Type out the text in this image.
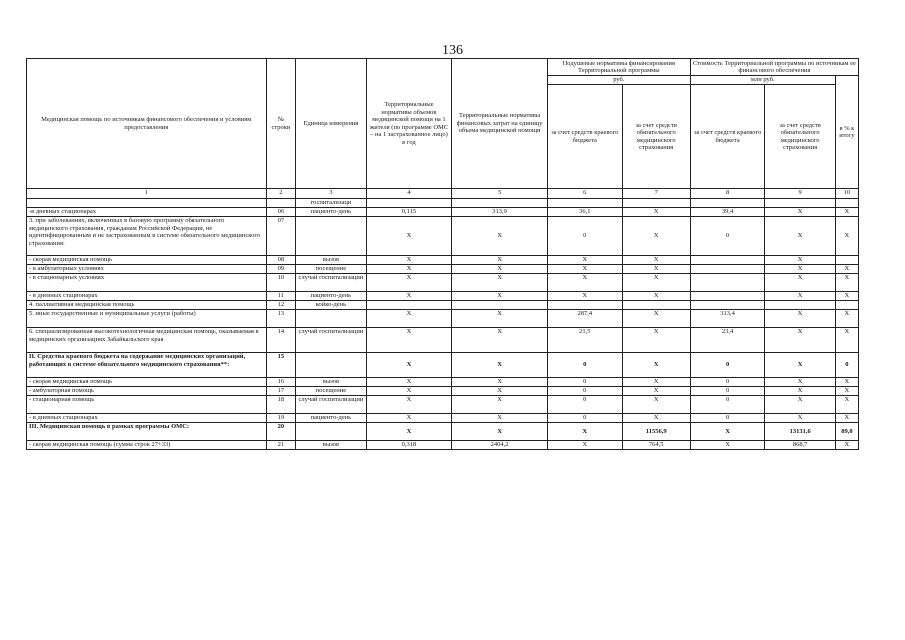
136
Медицинская помощь по источникам финансового обеспечения и условиям предоставления	№ строки	Единица измерения	Территориальные нормативы объемов медицинской помощи на 1 жителя (по программе ОМС – на 1 застрахованное лицо) в год	Территориальные нормативы финансовых затрат на единицу объема медицинской помощи	Подушевые нормативы финансирования Территориальной программы		Стоимость Территориальной программы по источникам ее финансового обеспечения		
					руб.		млн руб.		в % к итогу
					за счет средств краевого бюджета	за счет средств обязательного медицинского страхования	за счет средств краевого бюджета	за счет средств обязательного медицинского страхования	
1	2	3	4	5	6	7	8	9	10
		госпитализаци							
-в дневных стационарах	06	пациенто-день	0,115	313,9	36,1	Х	39,4	Х	Х
3. при заболеваниях, включенных в базовую программу обязательного медицинского страхования, гражданам Российской Федерации, не идентифицированным и не застрахованным в системе обязательного медицинского страхования:	07		Х	Х	0	Х	0	Х	Х
- скорая медицинская помощь	08	вызов	Х	Х	Х	Х		Х	
- в амбулаторных условиях	09	посещение	Х	Х	Х	Х		Х	Х
- в стационарных условиях	10	случай госпитализации	Х	Х	Х	Х		Х	Х
- в дневных стационарах	11	пациенто-день	Х	Х	Х	Х		Х	Х
4. паллиативная медицинская помощь	12	койко-день							
5. иные государственные и муниципальные услуги (работы)	13		Х	Х	287,4	Х	313,4	Х	Х
6. специализированная высокотехнологичная медицинская помощь, оказываемая в медицинских организациях Забайкальского края	14	случай госпитализации	Х	Х	21,5	Х	23,4	Х	Х
II. Средства краевого бюджета на содержание медицинских организаций, работающих в системе обязательного медицинского страхования**:	15		Х	Х	0	Х	0	Х	0
- скорая медицинская помощь	16	вызов	Х	Х	0	Х	0	Х	Х
- амбулаторная помощь	17	посещение	Х	Х	0	Х	0	Х	Х
- стационарная помощь	18	случай госпитализации	Х	Х	0	Х	0	Х	Х
- в дневных стационарах	19	пациенто-день	Х	Х	0	Х	0	Х	Х
III. Медицинская помощь в рамках программы ОМС:	20		Х	Х	Х	11556,9	Х	13131,6	89,0
- скорая медицинская помощь (сумма строк 27+33)	21	вызов	0,318	2404,2	Х	764,5	Х	868,7	Х
